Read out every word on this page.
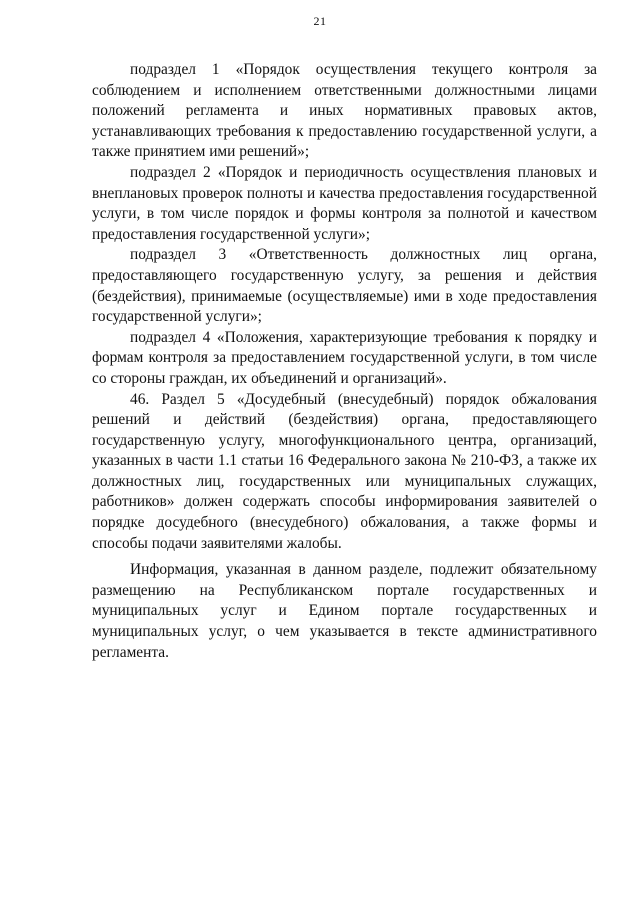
21

подраздел 1 «Порядок осуществления текущего контроля за соблюдением и исполнением ответственными должностными лицами положений регламента и иных нормативных правовых актов, устанавливающих требования к предоставлению государственной услуги, а также принятием ими решений»;

подраздел 2 «Порядок и периодичность осуществления плановых и внеплановых проверок полноты и качества предоставления государственной услуги, в том числе порядок и формы контроля за полнотой и качеством предоставления государственной услуги»;

подраздел 3 «Ответственность должностных лиц органа, предоставляющего государственную услугу, за решения и действия (бездействия), принимаемые (осуществляемые) ими в ходе предоставления государственной услуги»;

подраздел 4 «Положения, характеризующие требования к порядку и формам контроля за предоставлением государственной услуги, в том числе со стороны граждан, их объединений и организаций».

46. Раздел 5 «Досудебный (внесудебный) порядок обжалования решений и действий (бездействия) органа, предоставляющего государственную услугу, многофункционального центра, организаций, указанных в части 1.1 статьи 16 Федерального закона № 210-ФЗ, а также их должностных лиц, государственных или муниципальных служащих, работников» должен содержать способы информирования заявителей о порядке досудебного (внесудебного) обжалования, а также формы и способы подачи заявителями жалобы.

Информация, указанная в данном разделе, подлежит обязательному размещению на Республиканском портале государственных и муниципальных услуг и Едином портале государственных и муниципальных услуг, о чем указывается в тексте административного регламента.
